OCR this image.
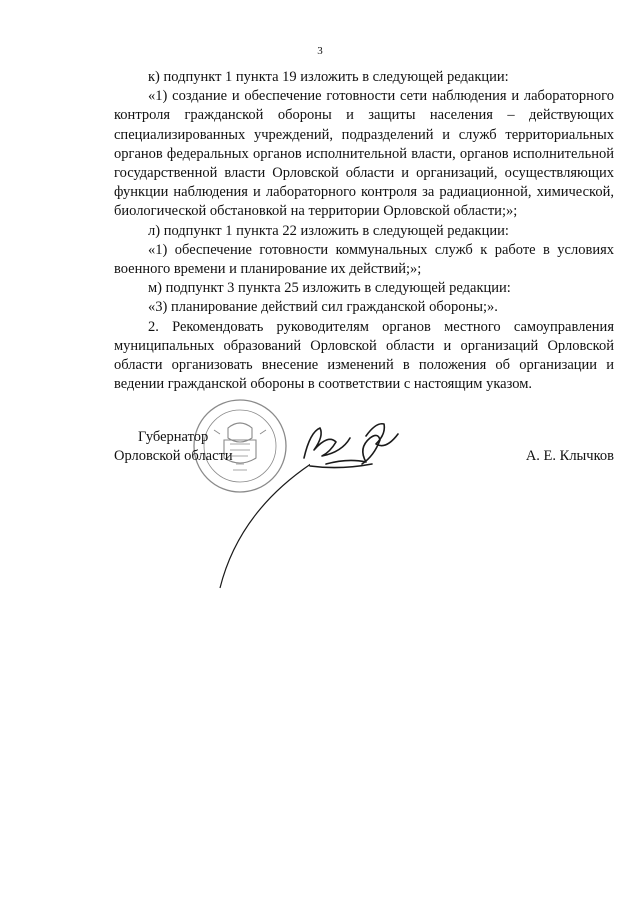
3

к) подпункт 1 пункта 19 изложить в следующей редакции:

«1) создание и обеспечение готовности сети наблюдения и лабораторного контроля гражданской обороны и защиты населения – действующих специализированных учреждений, подразделений и служб территориальных органов федеральных органов исполнительной власти, органов исполнительной государственной власти Орловской области и организаций, осуществляющих функции наблюдения и лабораторного контроля за радиационной, химической, биологической обстановкой на территории Орловской области;»;

л) подпункт 1 пункта 22 изложить в следующей редакции:

«1) обеспечение готовности коммунальных служб к работе в условиях военного времени и планирование их действий;»;

м) подпункт 3 пункта 25 изложить в следующей редакции:

«3) планирование действий сил гражданской обороны;».

2. Рекомендовать руководителям органов местного самоуправления муниципальных образований Орловской области и организаций Орловской области организовать внесение изменений в положения об организации и ведении гражданской обороны в соответствии с настоящим указом.

Губернатор
Орловской области	А. Е. Клычков
